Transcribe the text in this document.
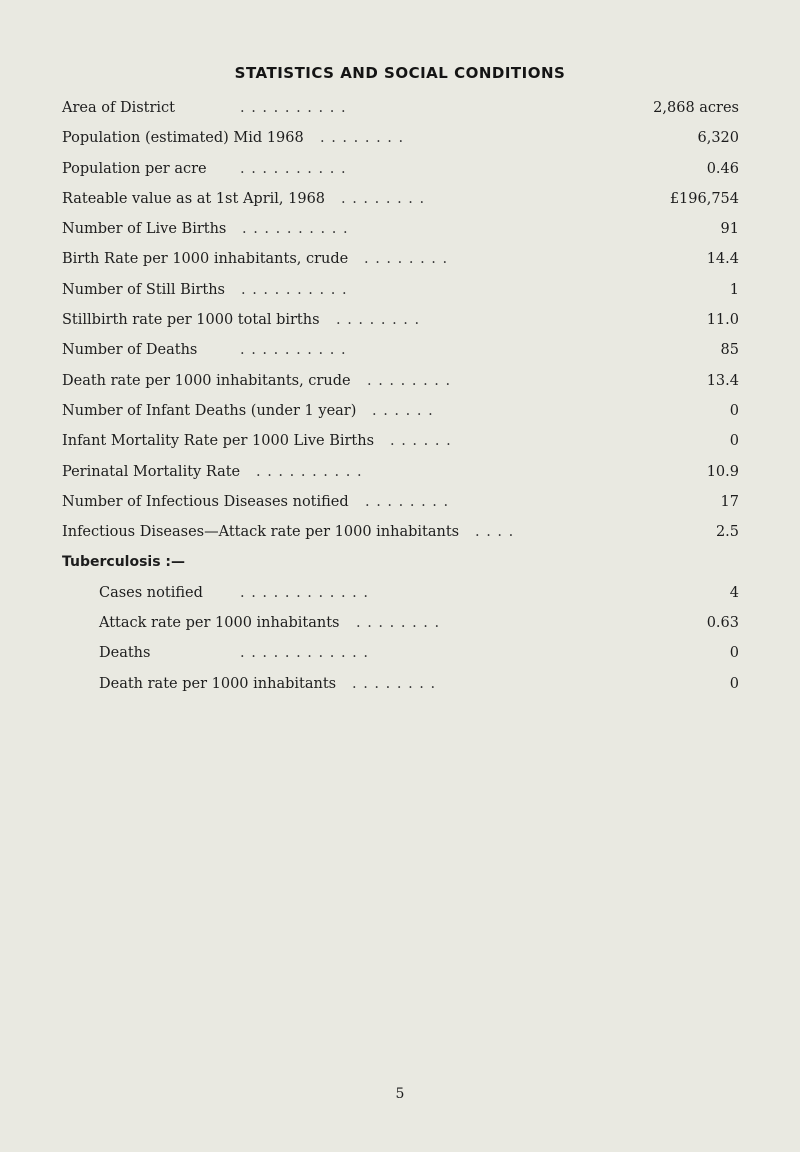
STATISTICS AND SOCIAL CONDITIONS
Area of District	. . . . . . . . . .	2,868 acres
Population (estimated) Mid 1968 . . . . . . . .	6,320
Population per acre . . . . . . . . . .	0.46
Rateable value as at 1st April, 1968 . . . . . . . .	£196,754
Number of Live Births . . . . . . . . . .	91
Birth Rate per 1000 inhabitants, crude . . . . . . . .	14.4
Number of Still Births . . . . . . . . . .	1
Stillbirth rate per 1000 total births . . . . . . . .	11.0
Number of Deaths	. . . . . . . . . .	85
Death rate per 1000 inhabitants, crude . . . . . . . .	13.4
Number of Infant Deaths (under 1 year) . . . . . .	0
Infant Mortality Rate per 1000 Live Births . . . . . .	0
Perinatal Mortality Rate . . . . . . . . . .	10.9
Number of Infectious Diseases notified . . . . . . . .	17
Infectious Diseases—Attack rate per 1000 inhabitants . . . .	2.5
Tuberculosis :—
Cases notified	. . . . . . . . . . . .	4
Attack rate per 1000 inhabitants . . . . . . . .	0.63
Deaths	. . . . . . . . . . . .	0
Death rate per 1000 inhabitants . . . . . . . .	0
5
